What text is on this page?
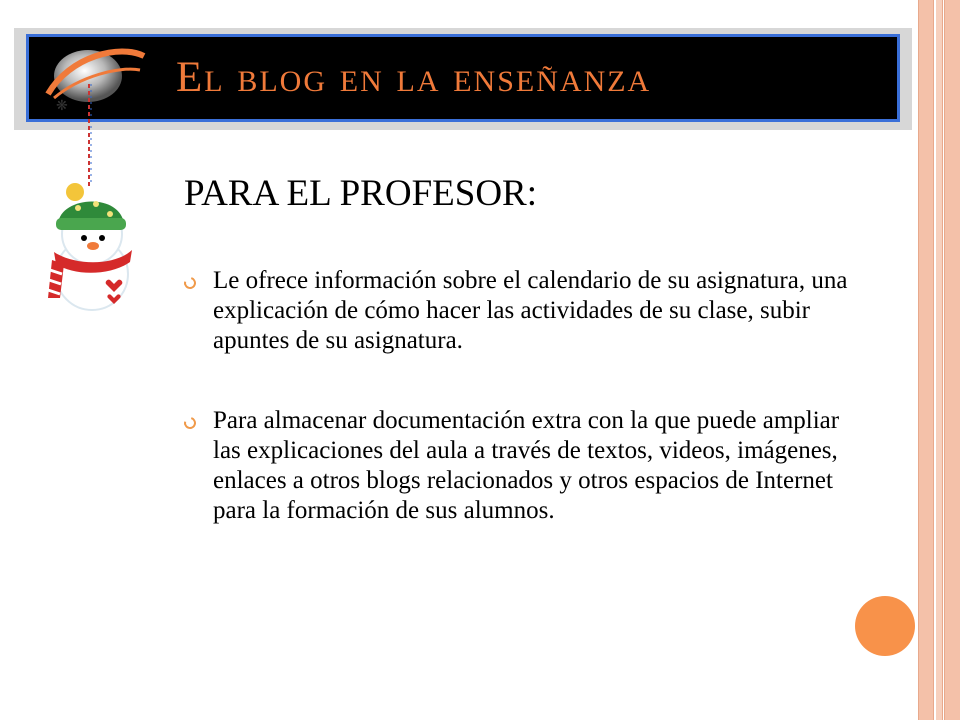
El blog en la enseñanza
❋
PARA EL PROFESOR:
Le ofrece información sobre el calendario de su asignatura, una explicación de cómo hacer las actividades de su clase, subir apuntes de su asignatura.
Para almacenar documentación extra con la que puede ampliar las explicaciones del aula a través de textos, videos, imágenes, enlaces a otros blogs relacionados y otros espacios de Internet para la formación de sus alumnos.
